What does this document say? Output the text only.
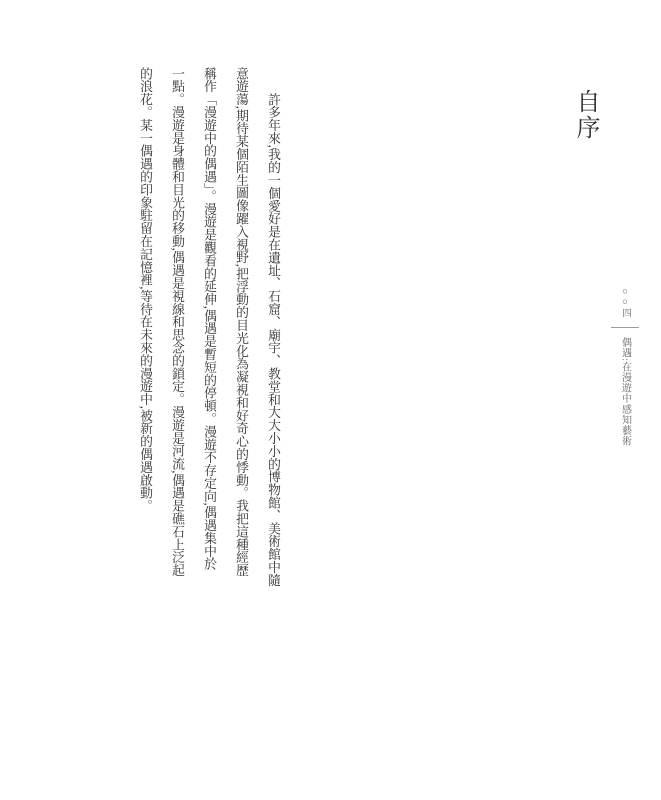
自序
○○四
偶遇:在漫遊中感知藝術
許多年來,我的一個愛好是在遺址、石窟、廟宇、教堂和大大小小的博物館、美術館中隨
意遊蕩,期待某個陌生圖像躍入視野,把浮動的目光化為凝視和好奇心的悸動。我把這種經歷
稱作「漫遊中的偶遇」。漫遊是觀看的延伸,偶遇是暫短的停頓。漫遊不存定向,偶遇集中於
一點。漫遊是身體和目光的移動,偶遇是視線和思念的鎖定。漫遊是河流,偶遇是礁石上泛起
的浪花。某一偶遇的印象駐留在記憶裡,等待在未來的漫遊中,被新的偶遇啟動。
